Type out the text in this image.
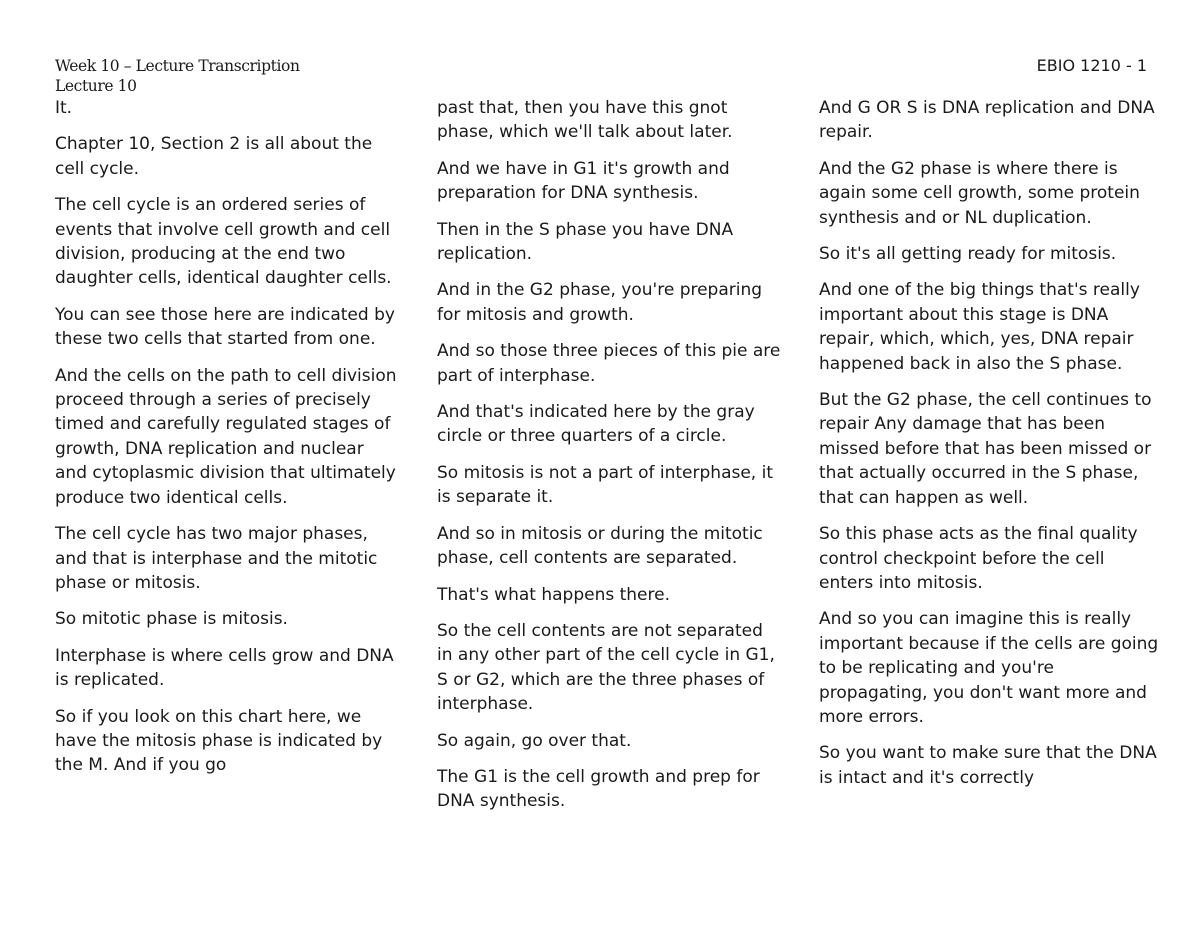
Week 10 – Lecture Transcription
Lecture 10
EBIO 1210 - 1

It.

Chapter 10, Section 2 is all about the cell cycle.

The cell cycle is an ordered series of events that involve cell growth and cell division, producing at the end two daughter cells, identical daughter cells.

You can see those here are indicated by these two cells that started from one.

And the cells on the path to cell division proceed through a series of precisely timed and carefully regulated stages of growth, DNA replication and nuclear and cytoplasmic division that ultimately produce two identical cells.

The cell cycle has two major phases, and that is interphase and the mitotic phase or mitosis.

So mitotic phase is mitosis.

Interphase is where cells grow and DNA is replicated.

So if you look on this chart here, we have the mitosis phase is indicated by the M. And if you go

past that, then you have this gnot phase, which we'll talk about later.

And we have in G1 it's growth and preparation for DNA synthesis.

Then in the S phase you have DNA replication.

And in the G2 phase, you're preparing for mitosis and growth.

And so those three pieces of this pie are part of interphase.

And that's indicated here by the gray circle or three quarters of a circle.

So mitosis is not a part of interphase, it is separate it.

And so in mitosis or during the mitotic phase, cell contents are separated.

That's what happens there.

So the cell contents are not separated in any other part of the cell cycle in G1, S or G2, which are the three phases of interphase.

So again, go over that.

The G1 is the cell growth and prep for DNA synthesis.

And G OR S is DNA replication and DNA repair.

And the G2 phase is where there is again some cell growth, some protein synthesis and or NL duplication.

So it's all getting ready for mitosis.

And one of the big things that's really important about this stage is DNA repair, which, which, yes, DNA repair happened back in also the S phase.

But the G2 phase, the cell continues to repair Any damage that has been missed before that has been missed or that actually occurred in the S phase, that can happen as well.

So this phase acts as the final quality control checkpoint before the cell enters into mitosis.

And so you can imagine this is really important because if the cells are going to be replicating and you're propagating, you don't want more and more errors.

So you want to make sure that the DNA is intact and it's correctly
